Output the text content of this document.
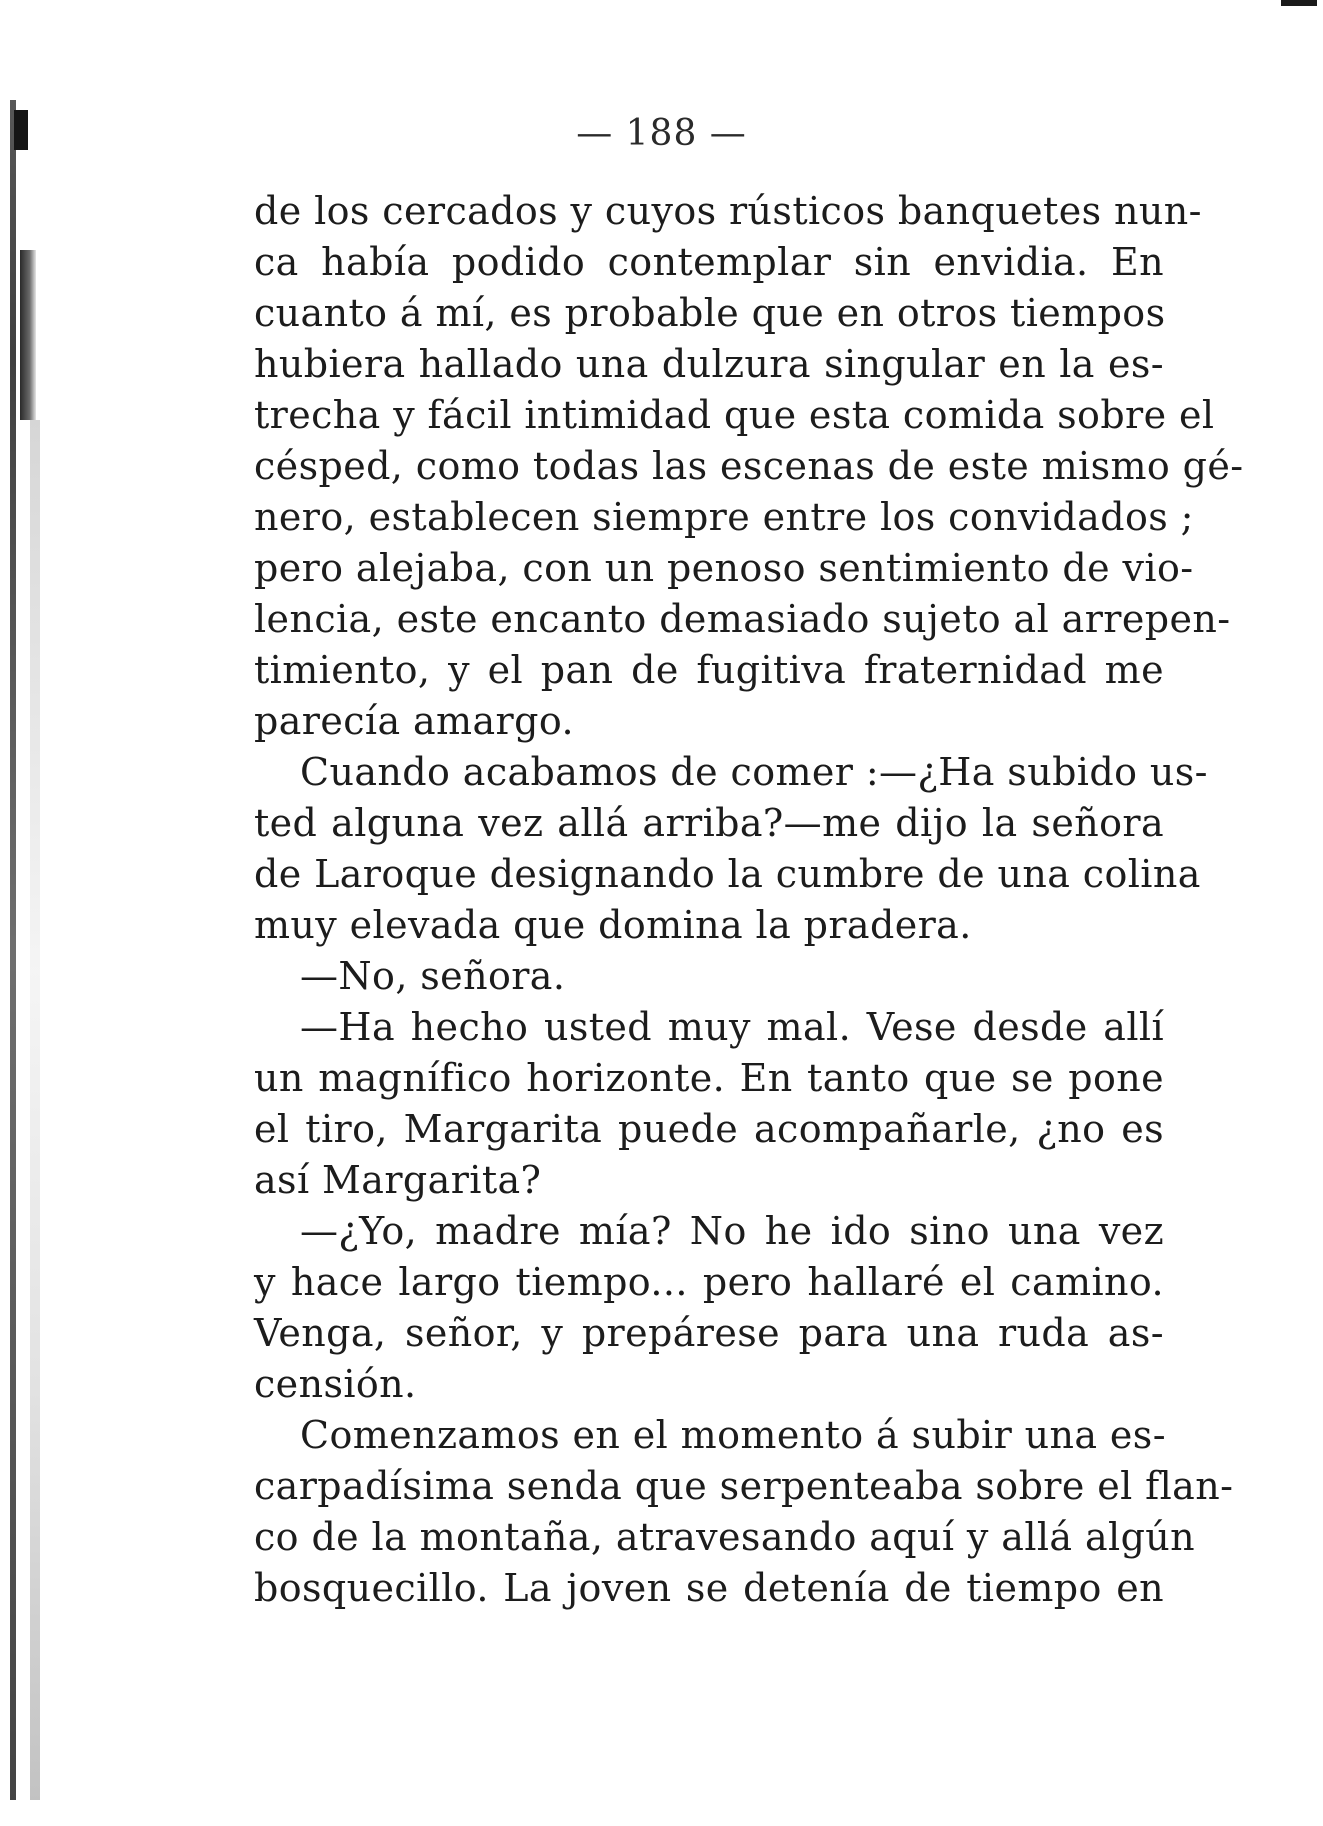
— 188 —
de los cercados y cuyos rústicos banquetes nun-
ca había podido contemplar sin envidia. En
cuanto á mí, es probable que en otros tiempos
hubiera hallado una dulzura singular en la es-
trecha y fácil intimidad que esta comida sobre el
césped, como todas las escenas de este mismo gé-
nero, establecen siempre entre los convidados ;
pero alejaba, con un penoso sentimiento de vio-
lencia, este encanto demasiado sujeto al arrepen-
timiento, y el pan de fugitiva fraternidad me
parecía amargo.
Cuando acabamos de comer :—¿Ha subido us-
ted alguna vez allá arriba?—me dijo la señora
de Laroque designando la cumbre de una colina
muy elevada que domina la pradera.
—No, señora.
—Ha hecho usted muy mal. Vese desde allí
un magnífico horizonte. En tanto que se pone
el tiro, Margarita puede acompañarle, ¿no es
así Margarita?
—¿Yo, madre mía? No he ido sino una vez
y hace largo tiempo... pero hallaré el camino.
Venga, señor, y prepárese para una ruda as-
censión.
Comenzamos en el momento á subir una es-
carpadísima senda que serpenteaba sobre el flan-
co de la montaña, atravesando aquí y allá algún
bosquecillo. La joven se detenía de tiempo en
